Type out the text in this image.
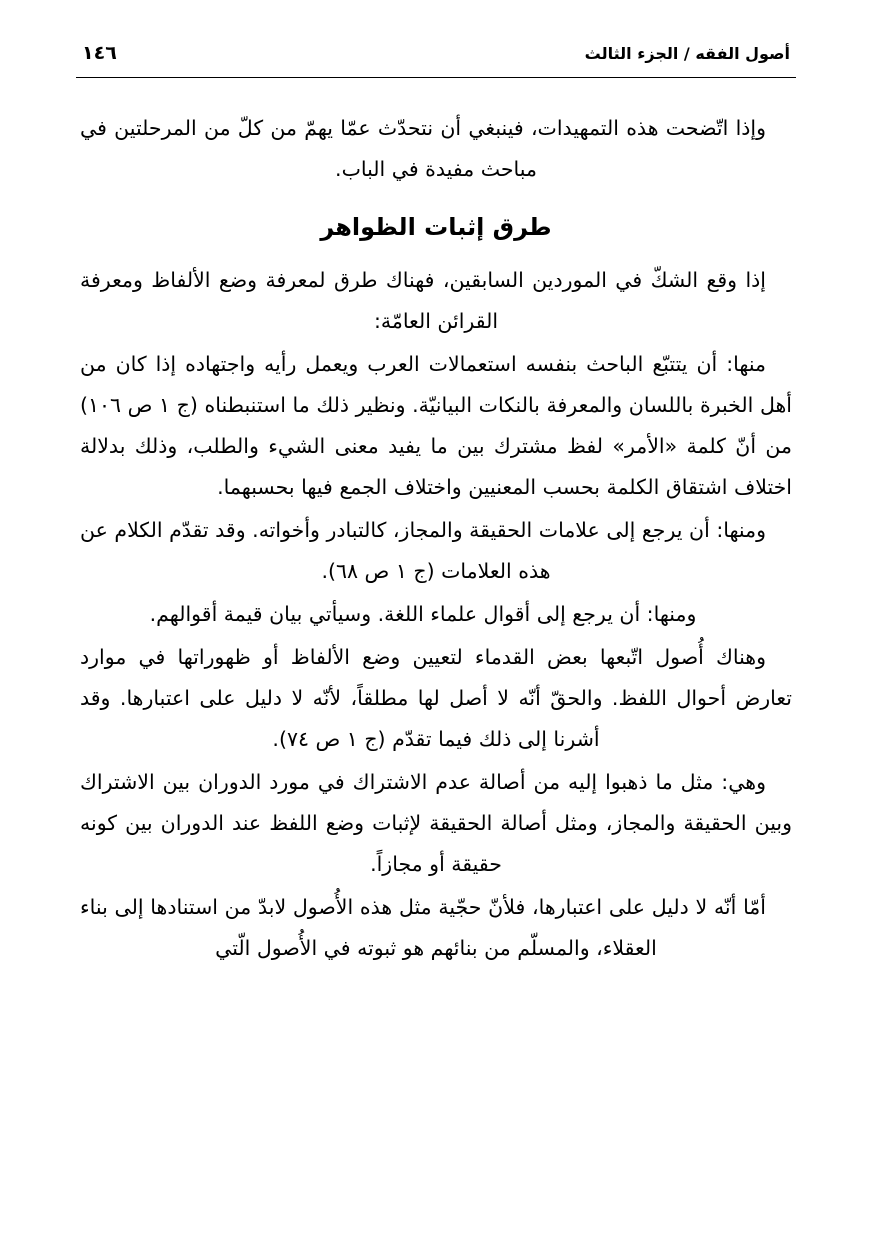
١٤٦	أصول الفقه / الجزء الثالث

وإذا اتّضحت هذه التمهيدات، فينبغي أن نتحدّث عمّا يهمّ من كلّ من المرحلتين في مباحث مفيدة في الباب.

طرق إثبات الظواهر

إذا وقع الشكّ في الموردين السابقين، فهناك طرق لمعرفة وضع الألفاظ ومعرفة القرائن العامّة:

منها: أن يتتبّع الباحث بنفسه استعمالات العرب ويعمل رأيه واجتهاده إذا كان من أهل الخبرة باللسان والمعرفة بالنكات البيانيّة. ونظير ذلك ما استنبطناه (ج ١ ص ١٠٦) من أنّ كلمة «الأمر» لفظ مشترك بين ما يفيد معنى الشيء والطلب، وذلك بدلالة اختلاف اشتقاق الكلمة بحسب المعنيين واختلاف الجمع فيها بحسبهما.

ومنها: أن يرجع إلى علامات الحقيقة والمجاز، كالتبادر وأخواته. وقد تقدّم الكلام عن هذه العلامات (ج ١ ص ٦٨).

ومنها: أن يرجع إلى أقوال علماء اللغة. وسيأتي بيان قيمة أقوالهم.

وهناك أُصول اتّبعها بعض القدماء لتعيين وضع الألفاظ أو ظهوراتها في موارد تعارض أحوال اللفظ. والحقّ أنّه لا أصل لها مطلقاً، لأنّه لا دليل على اعتبارها. وقد أشرنا إلى ذلك فيما تقدّم (ج ١ ص ٧٤).

وهي: مثل ما ذهبوا إليه من أصالة عدم الاشتراك في مورد الدوران بين الاشتراك وبين الحقيقة والمجاز، ومثل أصالة الحقيقة لإثبات وضع اللفظ عند الدوران بين كونه حقيقة أو مجازاً.

أمّا أنّه لا دليل على اعتبارها، فلأنّ حجّية مثل هذه الأُصول لابدّ من استنادها إلى بناء العقلاء، والمسلّم من بنائهم هو ثبوته في الأُصول الّتي
